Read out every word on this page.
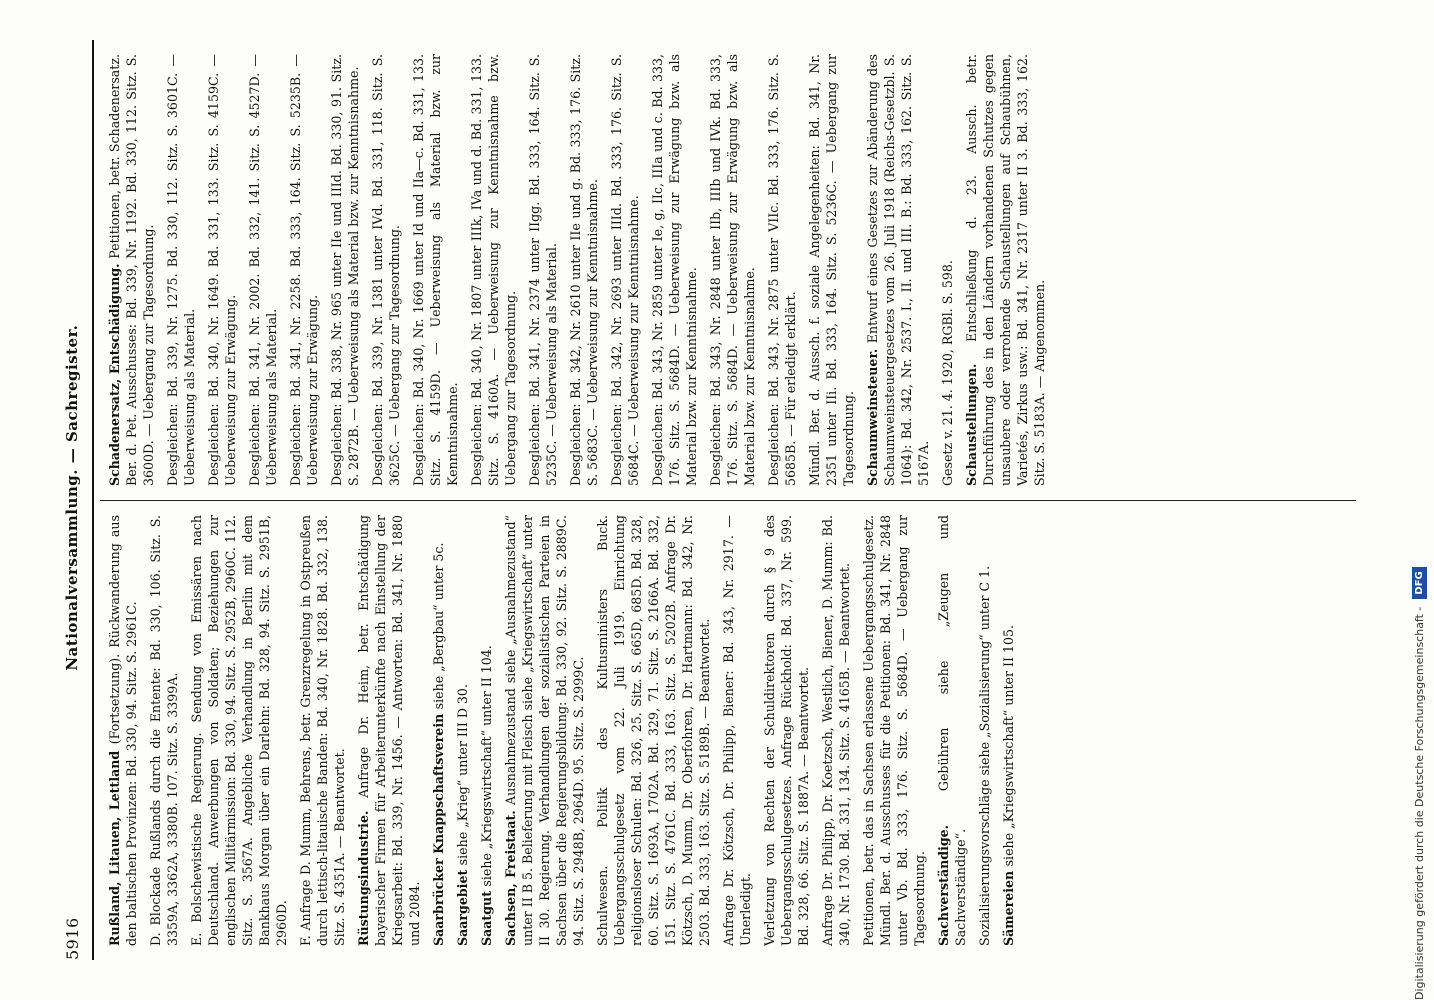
5916
Nationalversammlung. — Sachregister.

Rußland, Litauen, Lettland (Fortsetzung). Rückwanderung aus den baltischen Provinzen: Bd. 330, 94. Sitz. S. 2961C. D. Blockade Rußlands durch die Entente: Bd. 330, 106. Sitz. S. 3359A, 3362A, 3380B. 107. Sitz. S. 3399A. E. Bolschewistische Regierung. Sendung von Emissären nach Deutschland. Anwerbungen von Soldaten; Beziehungen zur englischen Militärmission: Bd. 330, 94. Sitz. S. 2952B, 2960C. 112. Sitz. S. 3567A. Angebliche Verhandlung in Berlin mit dem Bankhaus Morgan über ein Darlehn: Bd. 328, 94. Sitz. S. 2951B, 2960D. F. Anfrage D. Mumm, Behrens, betr. Grenzregelung in Ostpreußen durch lettisch-litauische Banden: Bd. 340, Nr. 1828. Bd. 332, 138. Sitz. S. 4351A. — Beantwortet. Rüstungsindustrie. Anfrage Dr. Heim, betr. Entschädigung bayerischer Firmen für Arbeiterunterkünfte nach Einstellung der Kriegsarbeit: Bd. 339, Nr. 1456. — Antworten: Bd. 341, Nr. 1880 und 2084. Saarbrücker Knappschaftsverein siehe „Bergbau“ unter 5c.

Saargebiet siehe „Krieg“ unter III D 30.

Saatgut siehe „Kriegswirtschaft“ unter II 104. Sachsen, Freistaat. Ausnahmezustand siehe „Ausnahmezustand“ unter II B 5. Belieferung mit Fleisch siehe „Kriegswirtschaft“ unter II 30. Regierung. Verhandlungen der sozialistischen Parteien in Sachsen über die Regierungsbildung: Bd. 330, 92. Sitz. S. 2889C. 94. Sitz. S. 2948B, 2964D. 95. Sitz. S. 2999C. Schulwesen. Politik des Kultusministers Buck. Uebergangsschulgesetz vom 22. Juli 1919. Einrichtung religionsloser Schulen: Bd. 326, 25. Sitz. S. 665D, 685D. Bd. 328, 60. Sitz. S. 1693A, 1702A. Bd. 329, 71. Sitz. S. 2166A. Bd. 332, 151. Sitz. S. 4761C. Bd. 333, 163. Sitz. S. 5202B. Anfrage Dr. Kötzsch, D. Mumm, Dr. Oberfohren, Dr. Hartmann: Bd. 342, Nr. 2503. Bd. 333, 163. Sitz. S. 5189B. — Beantwortet. Anfrage Dr. Kötzsch, Dr. Philipp, Biener: Bd. 343, Nr. 2917. — Unerledigt. Verletzung von Rechten der Schuldirektoren durch § 9 des Uebergangsschulgesetzes. Anfrage Rückhold: Bd. 337, Nr. 599. Bd. 328, 66. Sitz. S. 1887A. — Beantwortet. Anfrage Dr. Philipp, Dr. Koetzsch, Westlich, Biener, D. Mumm: Bd. 340, Nr. 1730. Bd. 331, 134. Sitz. S. 4165B. — Beantwortet. Petitionen, betr. das in Sachsen erlassene Uebergangsschulgesetz. Mündl. Ber. d. Ausschusses für die Petitionen: Bd. 341, Nr. 2848 unter Vb. Bd. 333, 176. Sitz. S. 5684D. — Uebergang zur Tagesordnung. Sachverständige. Gebühren siehe „Zeugen und Sachverständige“. Sozialisierungsvorschläge siehe „Sozialisierung“ unter C 1. Sämereien siehe „Kriegswirtschaft“ unter II 105.

Schadenersatz, Entschädigung. Petitionen, betr. Schadenersatz. Ber. d. Pet. Ausschusses: Bd. 339, Nr. 1192. Bd. 330, 112. Sitz. S. 3600D. — Uebergang zur Tagesordnung. Desgleichen: Bd. 339, Nr. 1275. Bd. 330, 112. Sitz. S. 3601C. — Ueberweisung als Material. Desgleichen: Bd. 340, Nr. 1649. Bd. 331, 133. Sitz. S. 4159C. — Ueberweisung zur Erwägung. Desgleichen: Bd. 341, Nr. 2002. Bd. 332, 141. Sitz. S. 4527D. — Ueberweisung als Material. Desgleichen: Bd. 341, Nr. 2258. Bd. 333, 164. Sitz. S. 5235B. — Ueberweisung zur Erwägung. Desgleichen: Bd. 338, Nr. 965 unter IIe und IIId. Bd. 330, 91. Sitz. S. 2872B. — Ueberweisung als Material bzw. zur Kenntnisnahme. Desgleichen: Bd. 339, Nr. 1381 unter IVd. Bd. 331, 118. Sitz. S. 3625C. — Uebergang zur Tagesordnung. Desgleichen: Bd. 340, Nr. 1669 unter Id und IIa—c. Bd. 331, 133. Sitz. S. 4159D. — Ueberweisung als Material bzw. zur Kenntnisnahme. Desgleichen: Bd. 340, Nr. 1807 unter IIIk, IVa und d. Bd. 331, 133. Sitz. S. 4160A. — Ueberweisung zur Kenntnisnahme bzw. Uebergang zur Tagesordnung. Desgleichen: Bd. 341, Nr. 2374 unter IIgg. Bd. 333, 164. Sitz. S. 5235C. — Ueberweisung als Material. Desgleichen: Bd. 342, Nr. 2610 unter IIe und g. Bd. 333, 176. Sitz. S. 5683C. — Ueberweisung zur Kenntnisnahme. Desgleichen: Bd. 342, Nr. 2693 unter IIId. Bd. 333, 176. Sitz. S. 5684C. — Ueberweisung zur Kenntnisnahme. Desgleichen: Bd. 343, Nr. 2859 unter Ie, g, IIc, IIIa und c. Bd. 333, 176. Sitz. S. 5684D. — Ueberweisung zur Erwägung bzw. als Material bzw. zur Kenntnisnahme. Desgleichen: Bd. 343, Nr. 2848 unter IIb, IIIb und IVk. Bd. 333, 176. Sitz. S. 5684D. — Ueberweisung zur Erwägung bzw. als Material bzw. zur Kenntnisnahme. Desgleichen: Bd. 343, Nr. 2875 unter VIIc. Bd. 333, 176. Sitz. S. 5685B. — Für erledigt erklärt. Mündl. Ber. d. Aussch. f. soziale Angelegenheiten: Bd. 341, Nr. 2351 unter IIi. Bd. 333, 164. Sitz. S. 5236C. — Uebergang zur Tagesordnung. Schaumweinsteuer. Entwurf eines Gesetzes zur Abänderung des Schaumweinsteuergesetzes vom 26. Juli 1918 (Reichs-Gesetzbl. S. 1064): Bd. 342, Nr. 2537. I., II. und III. B.: Bd. 333, 162. Sitz. S. 5167A. Gesetz v. 21. 4. 1920, RGBl. S. 598. Schaustellungen. Entschließung d. 23. Aussch. betr. Durchführung des in den Ländern vorhandenen Schutzes gegen unsaubere oder verrohende Schaustellungen auf Schaubühnen, Varietés, Zirkus usw.: Bd. 341, Nr. 2317 unter II 3. Bd. 333, 162. Sitz. S. 5183A. — Angenommen.

Digitalisierung gefördert durch die Deutsche Forschungsgemeinschaft -
DFG
